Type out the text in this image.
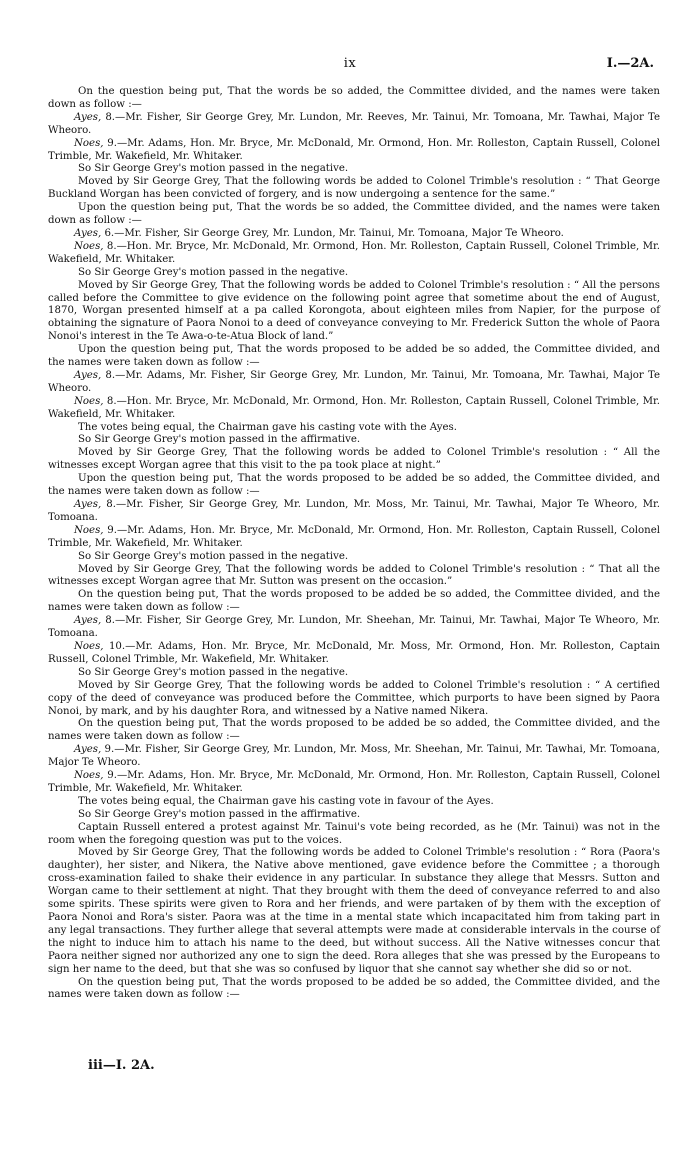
ix	I.—2A.

On the question being put, That the words be so added, the Committee divided, and the names were taken down as follow :—

Ayes, 8.—Mr. Fisher, Sir George Grey, Mr. Lundon, Mr. Reeves, Mr. Tainui, Mr. Tomoana, Mr. Tawhai, Major Te Wheoro.

Noes, 9.—Mr. Adams, Hon. Mr. Bryce, Mr. McDonald, Mr. Ormond, Hon. Mr. Rolleston, Captain Russell, Colonel Trimble, Mr. Wakefield, Mr. Whitaker.

So Sir George Grey's motion passed in the negative.

Moved by Sir George Grey, That the following words be added to Colonel Trimble's resolution : “ That George Buckland Worgan has been convicted of forgery, and is now undergoing a sentence for the same.”

Upon the question being put, That the words be so added, the Committee divided, and the names were taken down as follow :—

Ayes, 6.—Mr. Fisher, Sir George Grey, Mr. Lundon, Mr. Tainui, Mr. Tomoana, Major Te Wheoro.

Noes, 8.—Hon. Mr. Bryce, Mr. McDonald, Mr. Ormond, Hon. Mr. Rolleston, Captain Russell, Colonel Trimble, Mr. Wakefield, Mr. Whitaker.

So Sir George Grey's motion passed in the negative.

Moved by Sir George Grey, That the following words be added to Colonel Trimble's resolution : “ All the persons called before the Committee to give evidence on the following point agree that sometime about the end of August, 1870, Worgan presented himself at a pa called Korongota, about eighteen miles from Napier, for the purpose of obtaining the signature of Paora Nonoi to a deed of conveyance conveying to Mr. Frederick Sutton the whole of Paora Nonoi's interest in the Te Awa-o-te-Atua Block of land.”

Upon the question being put, That the words proposed to be added be so added, the Committee divided, and the names were taken down as follow :—

Ayes, 8.—Mr. Adams, Mr. Fisher, Sir George Grey, Mr. Lundon, Mr. Tainui, Mr. Tomoana, Mr. Tawhai, Major Te Wheoro.

Noes, 8.—Hon. Mr. Bryce, Mr. McDonald, Mr. Ormond, Hon. Mr. Rolleston, Captain Russell, Colonel Trimble, Mr. Wakefield, Mr. Whitaker.

The votes being equal, the Chairman gave his casting vote with the Ayes.

So Sir George Grey's motion passed in the affirmative.

Moved by Sir George Grey, That the following words be added to Colonel Trimble's resolution : “ All the witnesses except Worgan agree that this visit to the pa took place at night.”

Upon the question being put, That the words proposed to be added be so added, the Committee divided, and the names were taken down as follow :—

Ayes, 8.—Mr. Fisher, Sir George Grey, Mr. Lundon, Mr. Moss, Mr. Tainui, Mr. Tawhai, Major Te Wheoro, Mr. Tomoana.

Noes, 9.—Mr. Adams, Hon. Mr. Bryce, Mr. McDonald, Mr. Ormond, Hon. Mr. Rolleston, Captain Russell, Colonel Trimble, Mr. Wakefield, Mr. Whitaker.

So Sir George Grey's motion passed in the negative.

Moved by Sir George Grey, That the following words be added to Colonel Trimble's resolution : “ That all the witnesses except Worgan agree that Mr. Sutton was present on the occasion.”

On the question being put, That the words proposed to be added be so added, the Committee divided, and the names were taken down as follow :—

Ayes, 8.—Mr. Fisher, Sir George Grey, Mr. Lundon, Mr. Sheehan, Mr. Tainui, Mr. Tawhai, Major Te Wheoro, Mr. Tomoana.

Noes, 10.—Mr. Adams, Hon. Mr. Bryce, Mr. McDonald, Mr. Moss, Mr. Ormond, Hon. Mr. Rolleston, Captain Russell, Colonel Trimble, Mr. Wakefield, Mr. Whitaker.

So Sir George Grey's motion passed in the negative.

Moved by Sir George Grey, That the following words be added to Colonel Trimble's resolution : “ A certified copy of the deed of conveyance was produced before the Committee, which purports to have been signed by Paora Nonoi, by mark, and by his daughter Rora, and witnessed by a Native named Nikera.

On the question being put, That the words proposed to be added be so added, the Committee divided, and the names were taken down as follow :—

Ayes, 9.—Mr. Fisher, Sir George Grey, Mr. Lundon, Mr. Moss, Mr. Sheehan, Mr. Tainui, Mr. Tawhai, Mr. Tomoana, Major Te Wheoro.

Noes, 9.—Mr. Adams, Hon. Mr. Bryce, Mr. McDonald, Mr. Ormond, Hon. Mr. Rolleston, Captain Russell, Colonel Trimble, Mr. Wakefield, Mr. Whitaker.

The votes being equal, the Chairman gave his casting vote in favour of the Ayes.

So Sir George Grey's motion passed in the affirmative.

Captain Russell entered a protest against Mr. Tainui's vote being recorded, as he (Mr. Tainui) was not in the room when the foregoing question was put to the voices.

Moved by Sir George Grey, That the following words be added to Colonel Trimble's resolution : “ Rora (Paora's daughter), her sister, and Nikera, the Native above mentioned, gave evidence before the Committee ; a thorough cross-examination failed to shake their evidence in any particular. In substance they allege that Messrs. Sutton and Worgan came to their settlement at night. That they brought with them the deed of conveyance referred to and also some spirits. These spirits were given to Rora and her friends, and were partaken of by them with the exception of Paora Nonoi and Rora's sister. Paora was at the time in a mental state which incapacitated him from taking part in any legal transactions. They further allege that several attempts were made at considerable intervals in the course of the night to induce him to attach his name to the deed, but without success. All the Native witnesses concur that Paora neither signed nor authorized any one to sign the deed. Rora alleges that she was pressed by the Europeans to sign her name to the deed, but that she was so confused by liquor that she cannot say whether she did so or not.

On the question being put, That the words proposed to be added be so added, the Committee divided, and the names were taken down as follow :—

iii—I. 2A.
